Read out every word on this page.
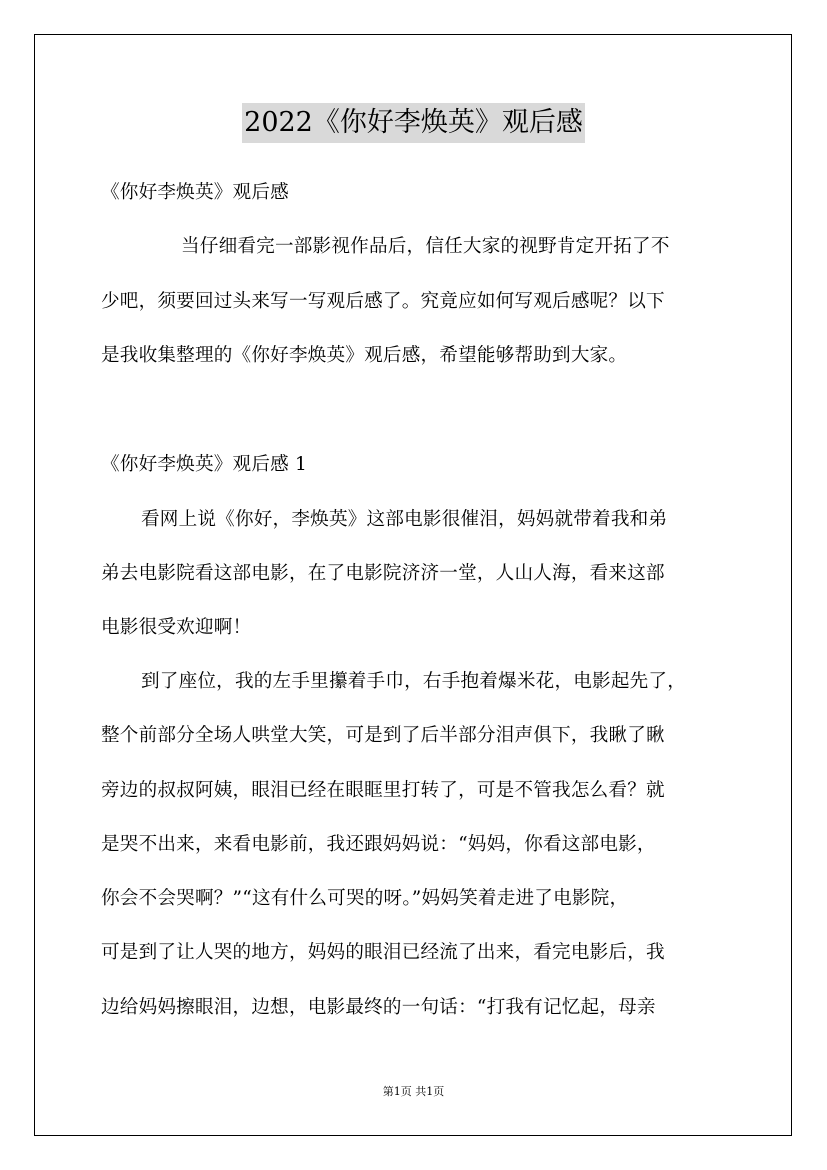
2022《你好李焕英》观后感
《你好李焕英》观后感
当仔细看完一部影视作品后，信任大家的视野肯定开拓了不
少吧，须要回过头来写一写观后感了。究竟应如何写观后感呢？以下
是我收集整理的《你好李焕英》观后感，希望能够帮助到大家。
《你好李焕英》观后感 1
看网上说《你好，李焕英》这部电影很催泪，妈妈就带着我和弟
弟去电影院看这部电影，在了电影院济济一堂，人山人海，看来这部
电影很受欢迎啊！
到了座位，我的左手里攥着手巾，右手抱着爆米花，电影起先了，
整个前部分全场人哄堂大笑，可是到了后半部分泪声俱下，我瞅了瞅
旁边的叔叔阿姨，眼泪已经在眼眶里打转了，可是不管我怎么看？就
是哭不出来，来看电影前，我还跟妈妈说：“妈妈，你看这部电影，
你会不会哭啊？”“这有什么可哭的呀。”妈妈笑着走进了电影院，
可是到了让人哭的地方，妈妈的眼泪已经流了出来，看完电影后，我
边给妈妈擦眼泪，边想，电影最终的一句话：“打我有记忆起，母亲
第1页 共1页
